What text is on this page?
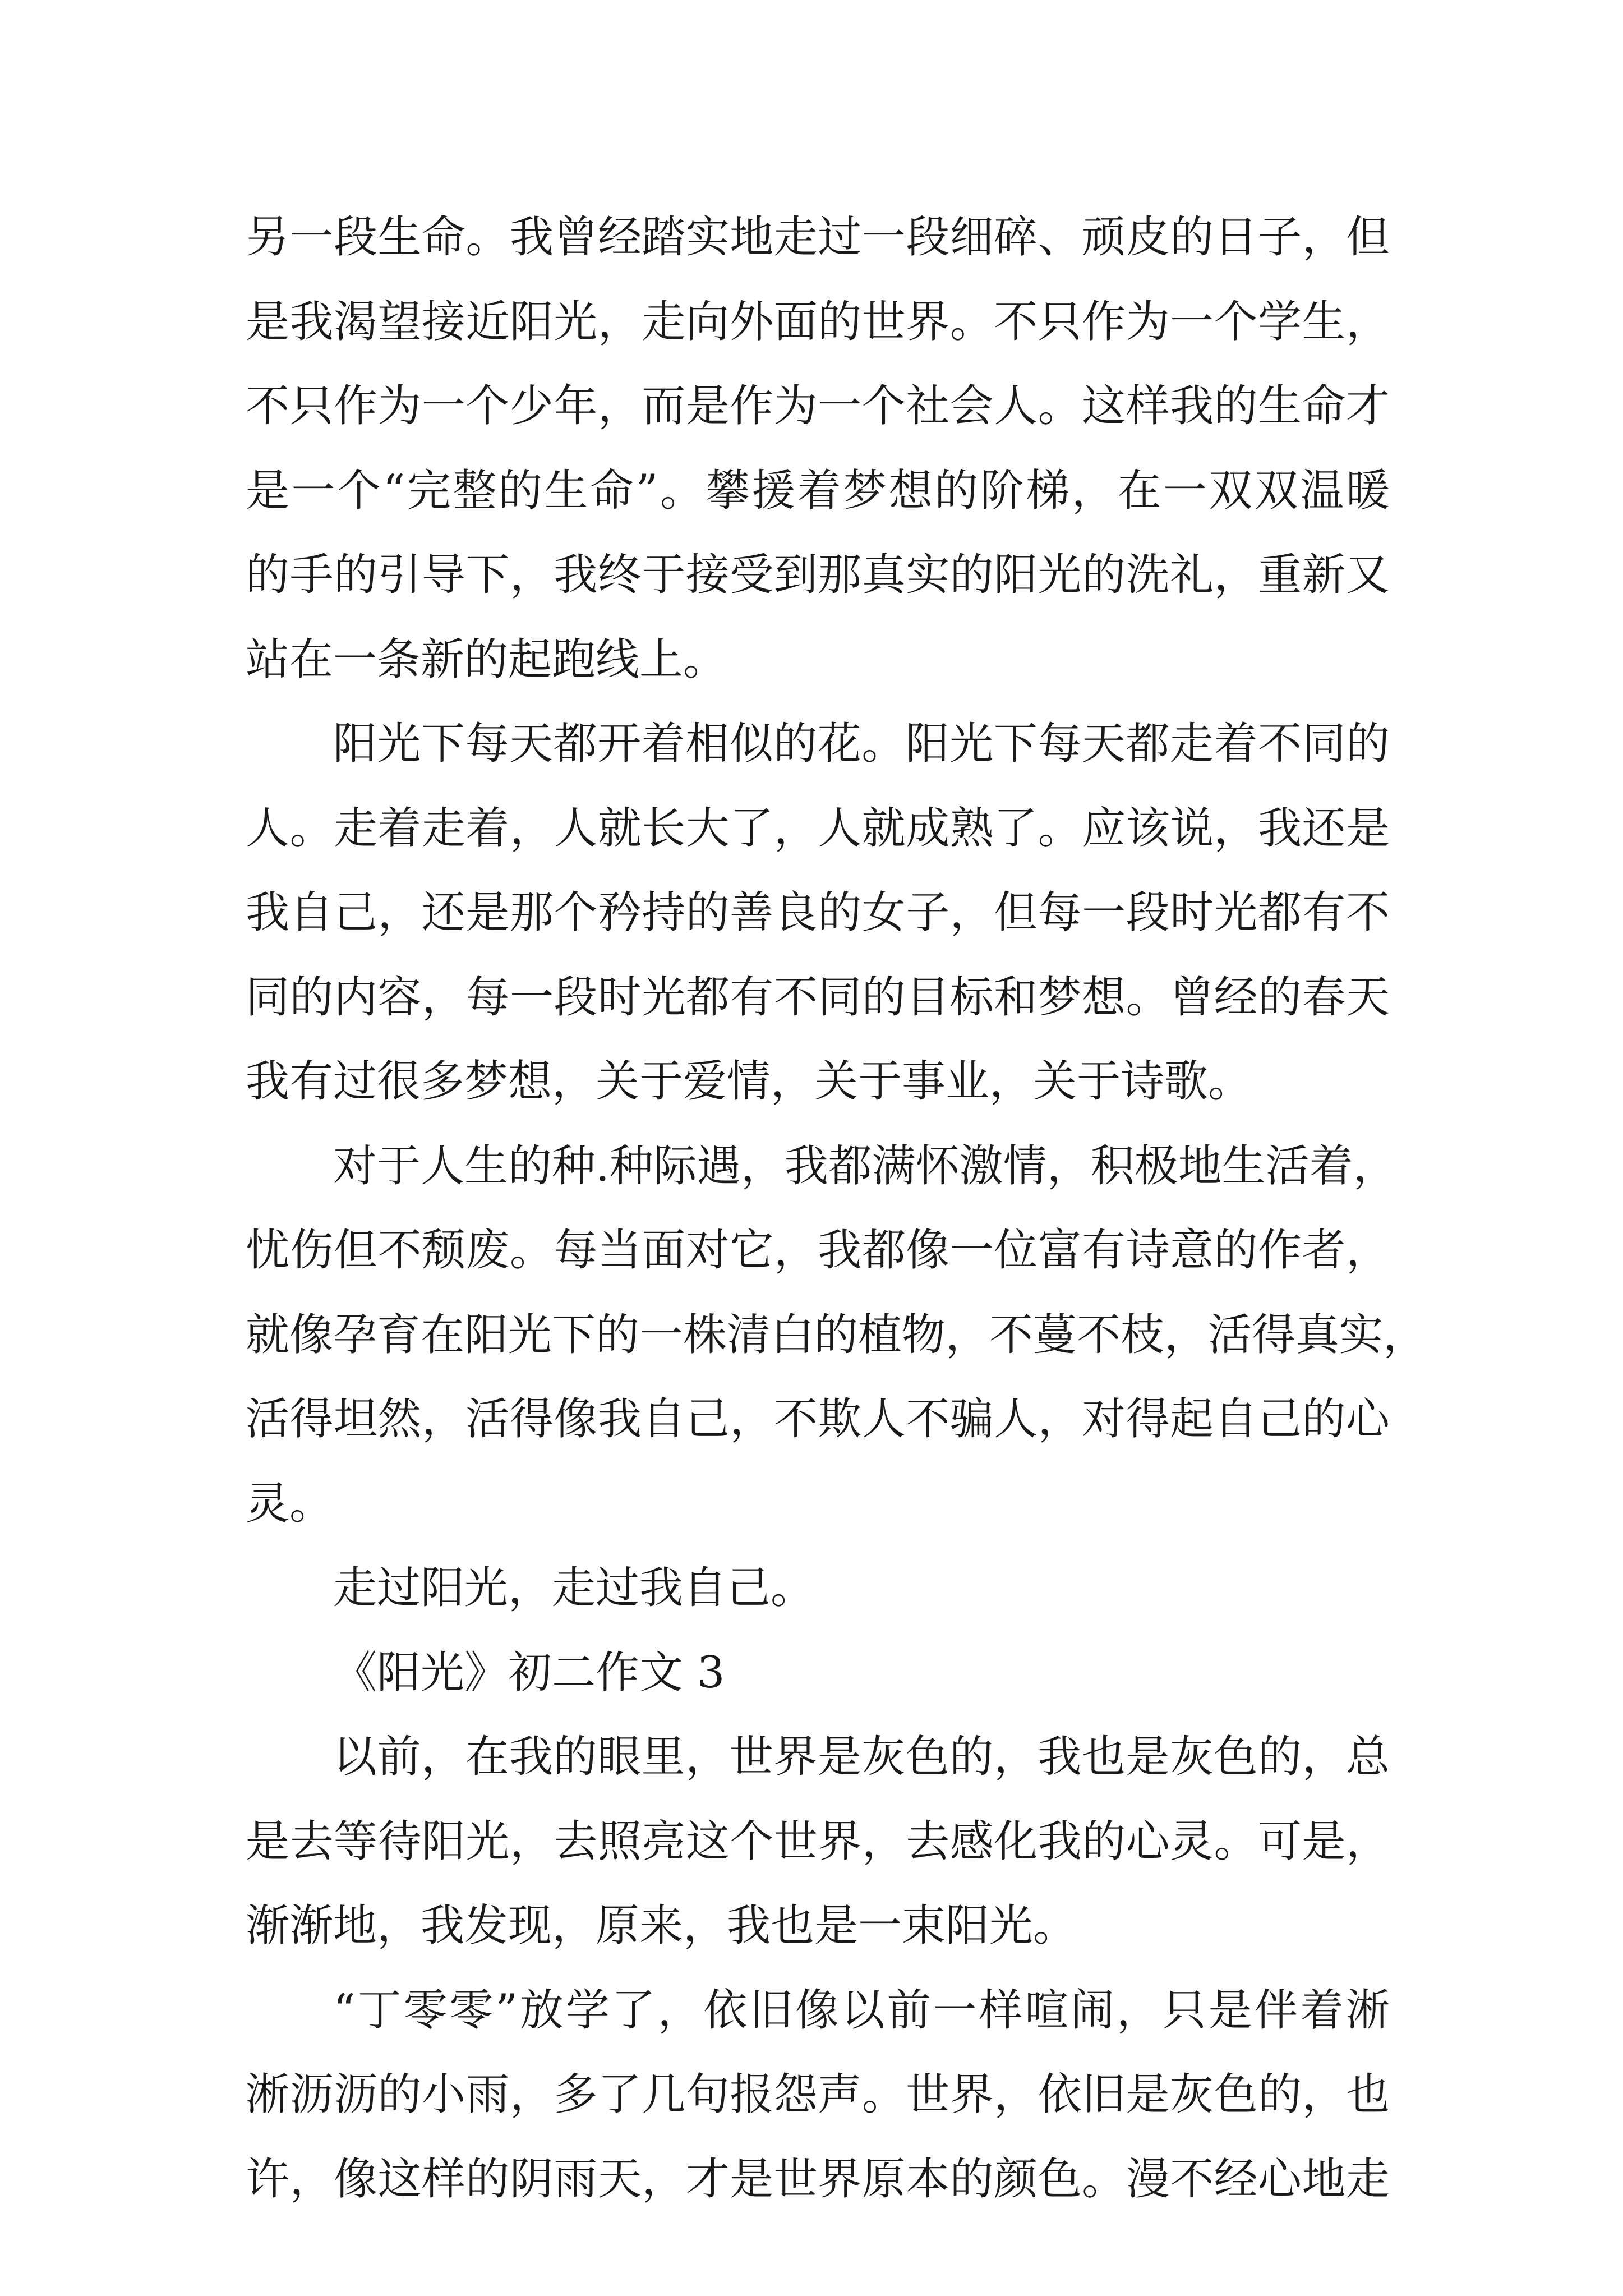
另一段生命。我曾经踏实地走过一段细碎、顽皮的日子，但
是我渴望接近阳光，走向外面的世界。不只作为一个学生，
不只作为一个少年，而是作为一个社会人。这样我的生命才
是一个“完整的生命”。攀援着梦想的阶梯，在一双双温暖
的手的引导下，我终于接受到那真实的阳光的洗礼，重新又
站在一条新的起跑线上。
阳光下每天都开着相似的花。阳光下每天都走着不同的
人。走着走着，人就长大了，人就成熟了。应该说，我还是
我自己，还是那个矜持的善良的女子，但每一段时光都有不
同的内容，每一段时光都有不同的目标和梦想。曾经的春天
我有过很多梦想，关于爱情，关于事业，关于诗歌。
对于人生的种.种际遇，我都满怀激情，积极地生活着，
忧伤但不颓废。每当面对它，我都像一位富有诗意的作者，
就像孕育在阳光下的一株清白的植物，不蔓不枝，活得真实，
活得坦然，活得像我自己，不欺人不骗人，对得起自己的心
灵。
走过阳光，走过我自己。
《阳光》初二作文 3
以前，在我的眼里，世界是灰色的，我也是灰色的，总
是去等待阳光，去照亮这个世界，去感化我的心灵。可是，
渐渐地，我发现，原来，我也是一束阳光。
“丁零零”放学了，依旧像以前一样喧闹，只是伴着淅
淅沥沥的小雨，多了几句报怨声。世界，依旧是灰色的，也
许，像这样的阴雨天，才是世界原本的颜色。漫不经心地走
